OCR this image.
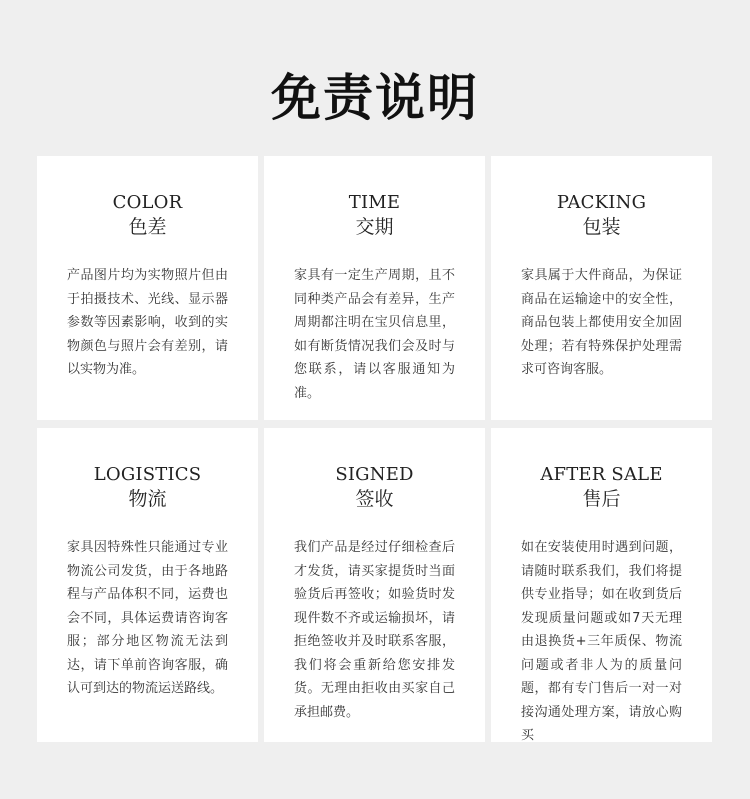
免责说明
COLOR
色差
产品图片均为实物照片但由于拍摄技术、光线、显示器参数等因素影响，收到的实物颜色与照片会有差别，请以实物为准。
TIME
交期
家具有一定生产周期，且不同种类产品会有差异，生产周期都注明在宝贝信息里，如有断货情况我们会及时与您联系，请以客服通知为准。
PACKING
包装
家具属于大件商品，为保证商品在运输途中的安全性，商品包装上都使用安全加固处理；若有特殊保护处理需求可咨询客服。
LOGISTICS
物流
家具因特殊性只能通过专业物流公司发货，由于各地路程与产品体积不同，运费也会不同，具体运费请咨询客服；部分地区物流无法到达，请下单前咨询客服，确认可到达的物流运送路线。
SIGNED
签收
我们产品是经过仔细检查后才发货，请买家提货时当面验货后再签收；如验货时发现件数不齐或运输损坏，请拒绝签收并及时联系客服，我们将会重新给您安排发货。无理由拒收由买家自己承担邮费。
AFTER SALE
售后
如在安装使用时遇到问题，请随时联系我们，我们将提供专业指导；如在收到货后发现质量问题或如7天无理由退换货+三年质保、物流问题或者非人为的质量问题，都有专门售后一对一对接沟通处理方案，请放心购买
